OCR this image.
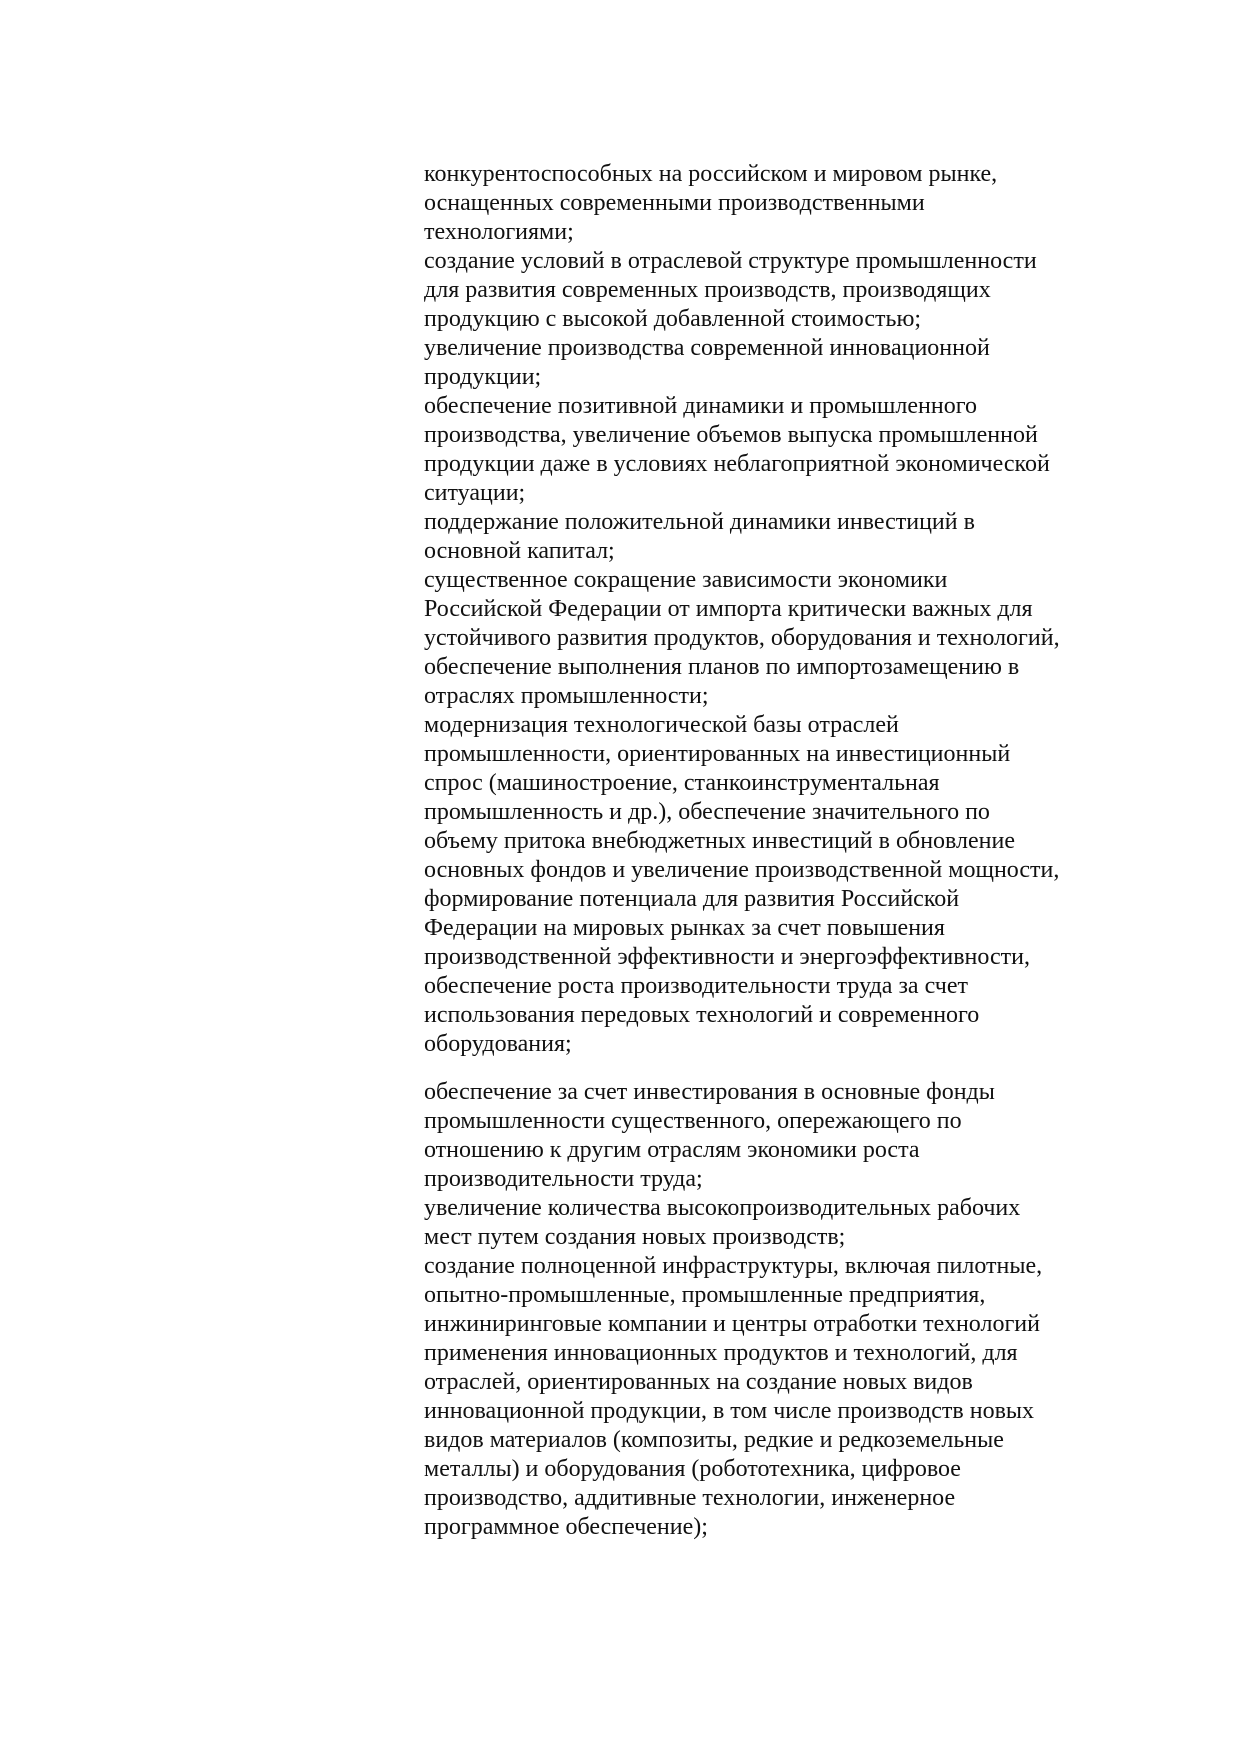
конкурентоспособных на российском и мировом рынке, оснащенных современными производственными технологиями;

создание условий в отраслевой структуре промышленности для развития современных производств, производящих продукцию с высокой добавленной стоимостью;

увеличение производства современной инновационной продукции;

обеспечение позитивной динамики и промышленного производства, увеличение объемов выпуска промышленной продукции даже в условиях неблагоприятной экономической ситуации;

поддержание положительной динамики инвестиций в основной капитал;

существенное сокращение зависимости экономики Российской Федерации от импорта критически важных для устойчивого развития продуктов, оборудования и технологий, обеспечение выполнения планов по импортозамещению в отраслях промышленности;

модернизация технологической базы отраслей промышленности, ориентированных на инвестиционный спрос (машиностроение, станкоинструментальная промышленность и др.), обеспечение значительного по объему притока внебюджетных инвестиций в обновление основных фондов и увеличение производственной мощности, формирование потенциала для развития Российской Федерации на мировых рынках за счет повышения производственной эффективности и энергоэффективности, обеспечение роста производительности труда за счет использования передовых технологий и современного оборудования;

обеспечение за счет инвестирования в основные фонды промышленности существенного, опережающего по отношению к другим отраслям экономики роста производительности труда;

увеличение количества высокопроизводительных рабочих мест путем создания новых производств;

создание полноценной инфраструктуры, включая пилотные, опытно-промышленные, промышленные предприятия, инжиниринговые компании и центры отработки технологий применения инновационных продуктов и технологий, для отраслей, ориентированных на создание новых видов инновационной продукции, в том числе производств новых видов материалов (композиты, редкие и редкоземельные металлы) и оборудования (робототехника, цифровое производство, аддитивные технологии, инженерное программное обеспечение);
